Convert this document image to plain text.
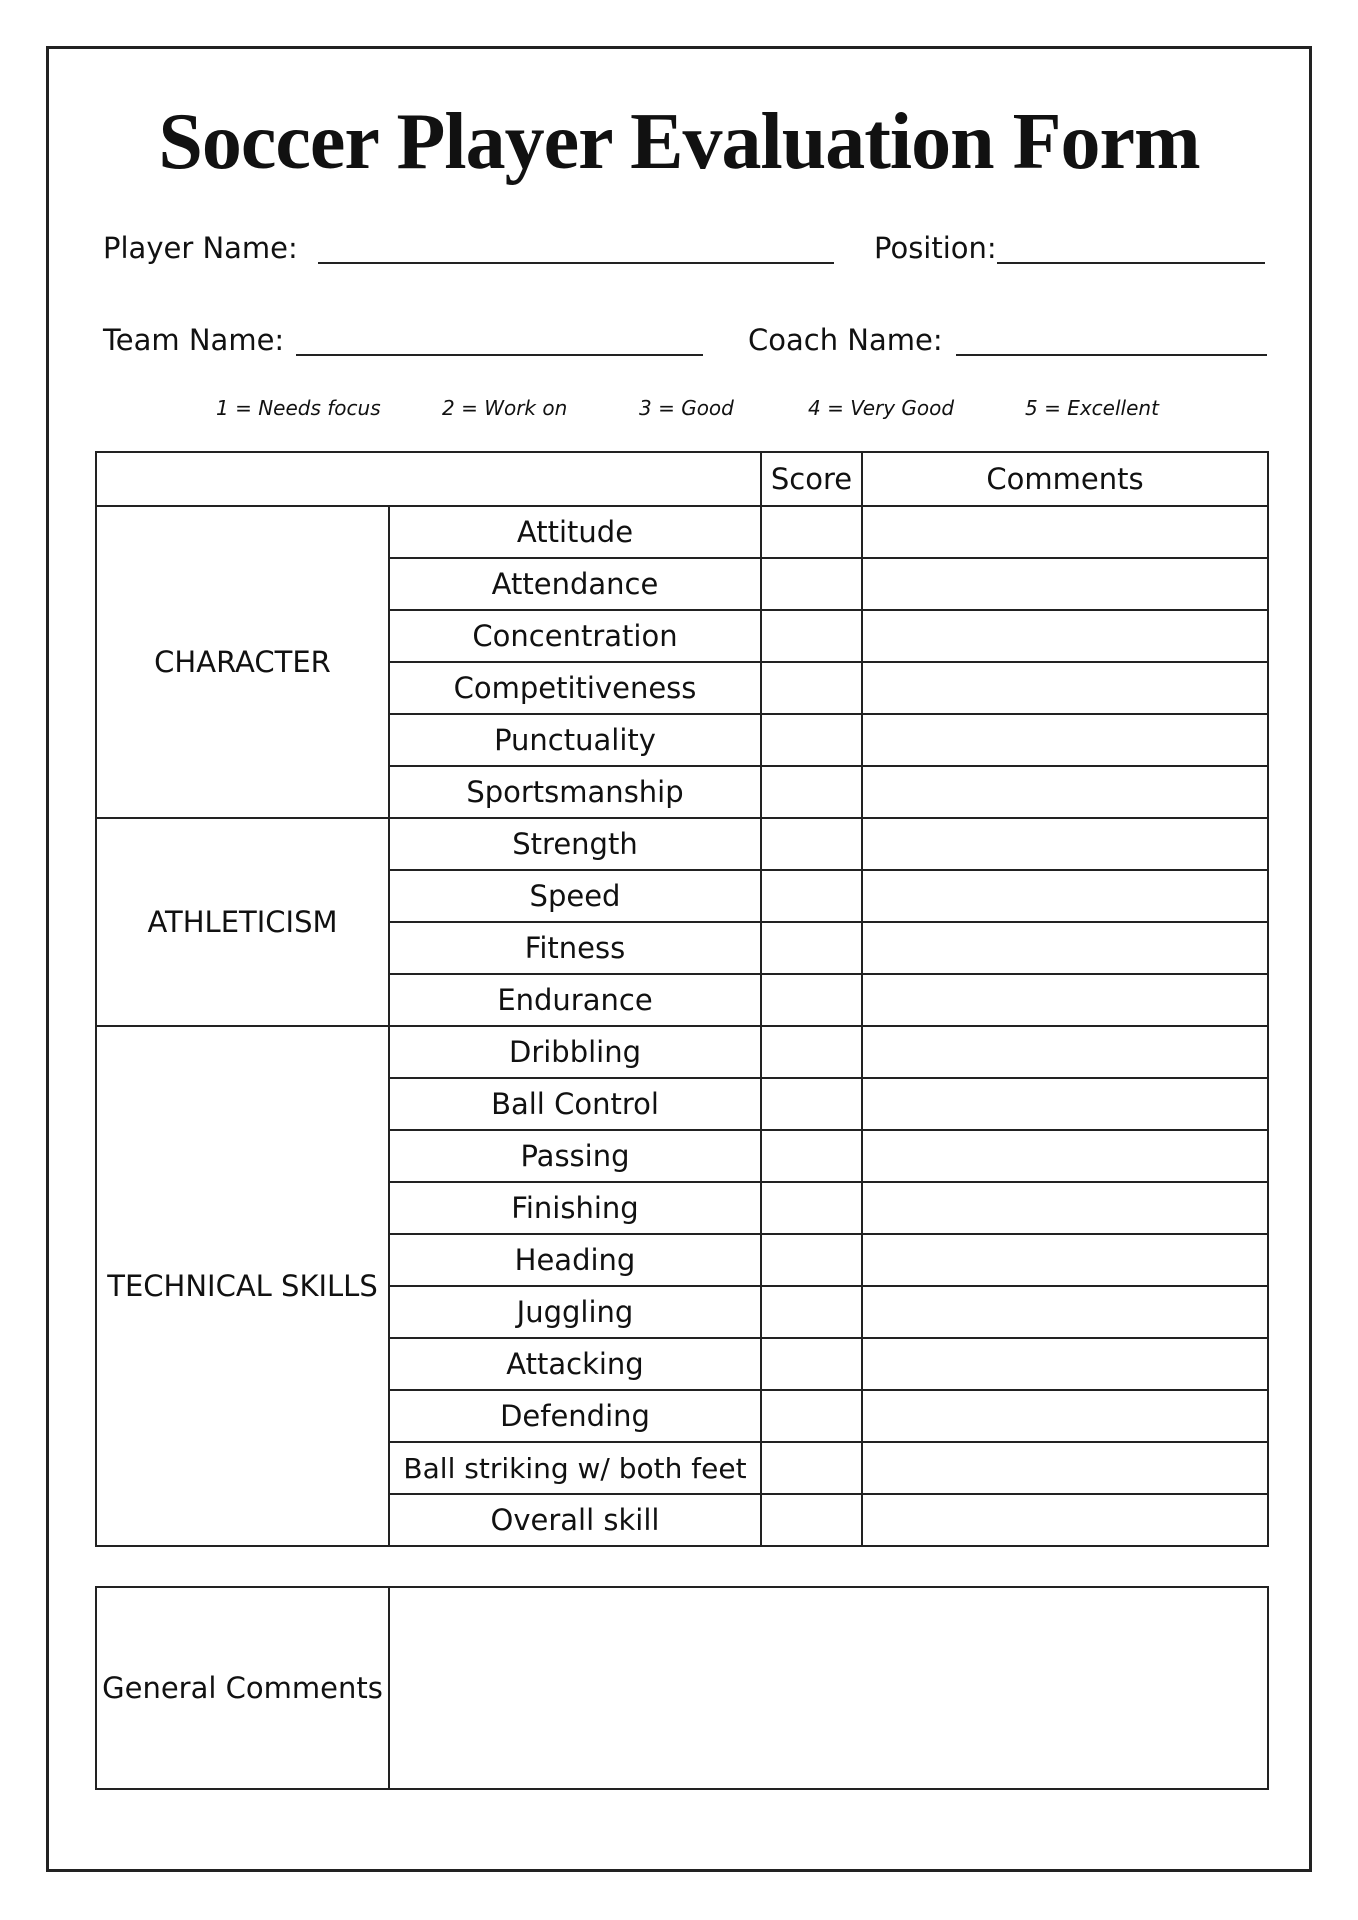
Soccer Player Evaluation Form
Player Name:	Position:
Team Name:	Coach Name:
1 = Needs focus	2 = Work on	3 = Good	4 = Very Good	5 = Excellent
		Score	Comments
CHARACTER	Attitude		
	Attendance		
	Concentration		
	Competitiveness		
	Punctuality		
	Sportsmanship		
ATHLETICISM	Strength		
	Speed		
	Fitness		
	Endurance		
TECHNICAL SKILLS	Dribbling		
	Ball Control		
	Passing		
	Finishing		
	Heading		
	Juggling		
	Attacking		
	Defending		
	Ball striking w/ both feet		
	Overall skill		
General Comments	
